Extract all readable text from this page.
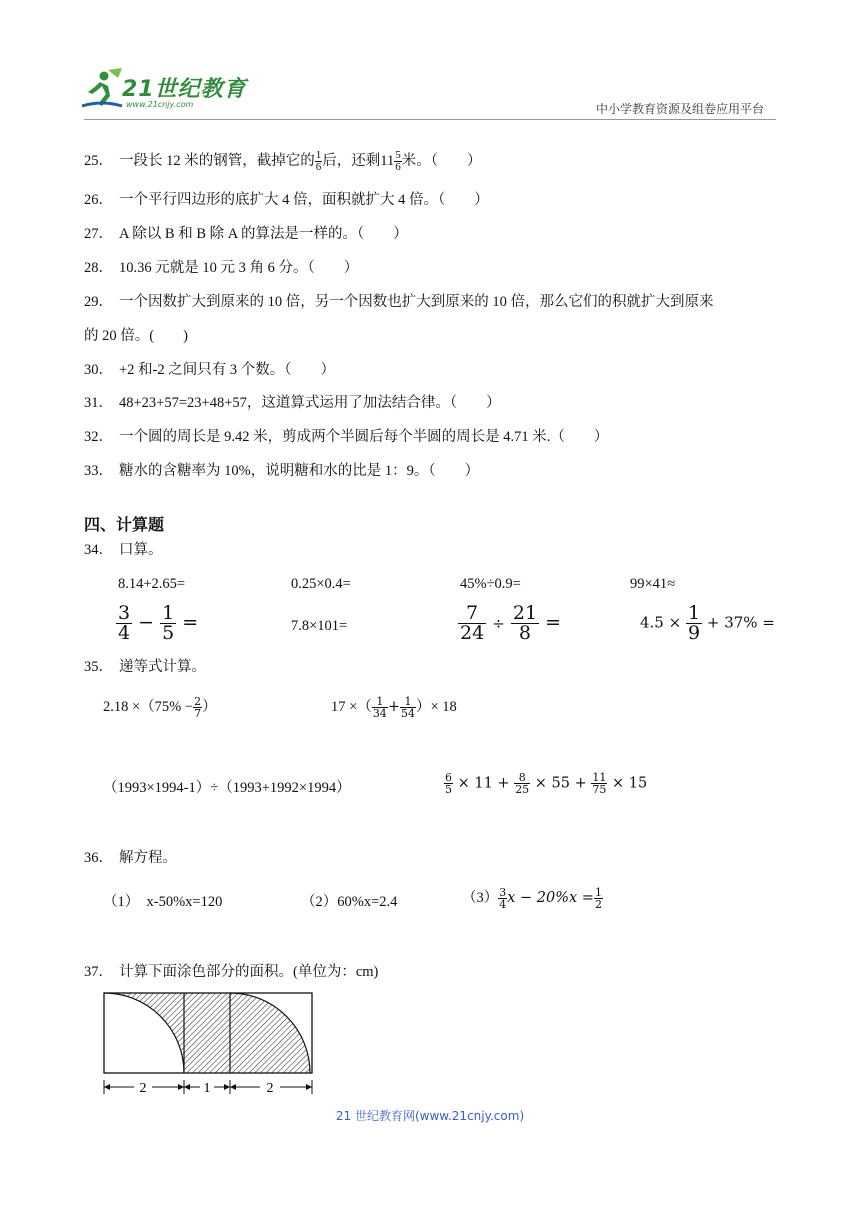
21世纪教育
www.21cnjy.com	中小学教育资源及组卷应用平台
25． 一段长 12 米的钢管，截掉它的 $\frac{1}{6}$ 后，还剩$11 \frac{5}{6}$ 米。（　　）
26． 一个平行四边形的底扩大 4 倍，面积就扩大 4 倍。（　　）
27． A 除以 B 和 B 除 A 的算法是一样的。（　　）
28． 10.36 元就是 10 元 3 角 6 分。（　　）
29． 一个因数扩大到原来的 10 倍，另一个因数也扩大到原来的 10 倍，那么它们的积就扩大到原来
的 20 倍。(　　)
30． +2 和-2 之间只有 3 个数。（　　）
31． 48+23+57=23+48+57，这道算式运用了加法结合律。（　　）
32． 一个圆的周长是 9.42 米，剪成两个半圆后每个半圆的周长是 4.71 米.（　　）
33． 糖水的含糖率为 10%，说明糖和水的比是 1：9。（　　）
四、计算题
34． 口算。
8.14+2.65=	0.25×0.4=	45%÷0.9=	99×41≈
$\frac{3}{4} - \frac{1}{5}$ =	7.8×101=	$\frac{7}{24} \div \frac{21}{8}$ =	$4.5 \times \frac{1}{9} + 37\%$ =
35． 递等式计算。
$2.18 \times(75\% - \frac{2}{7}$ ）	17 ×（ $\frac{1}{34} + \frac{1}{54}$ ）× 18
（1993×1994-1）÷（1993+1992×1994）	$\frac{6}{5} \times 11 + \frac{8}{25} \times 55 + \frac{11}{75} \times 15$
36． 解方程。
（1）　x-50%x=120	（2）60%x=2.4	$(3) \frac{3}{4}$ $x - 20\%x = \frac{1}{2}$
37． 计算下面涂色部分的面积。(单位为：cm)
2	1	2
21 世纪教育网(www.21cnjy.com)
